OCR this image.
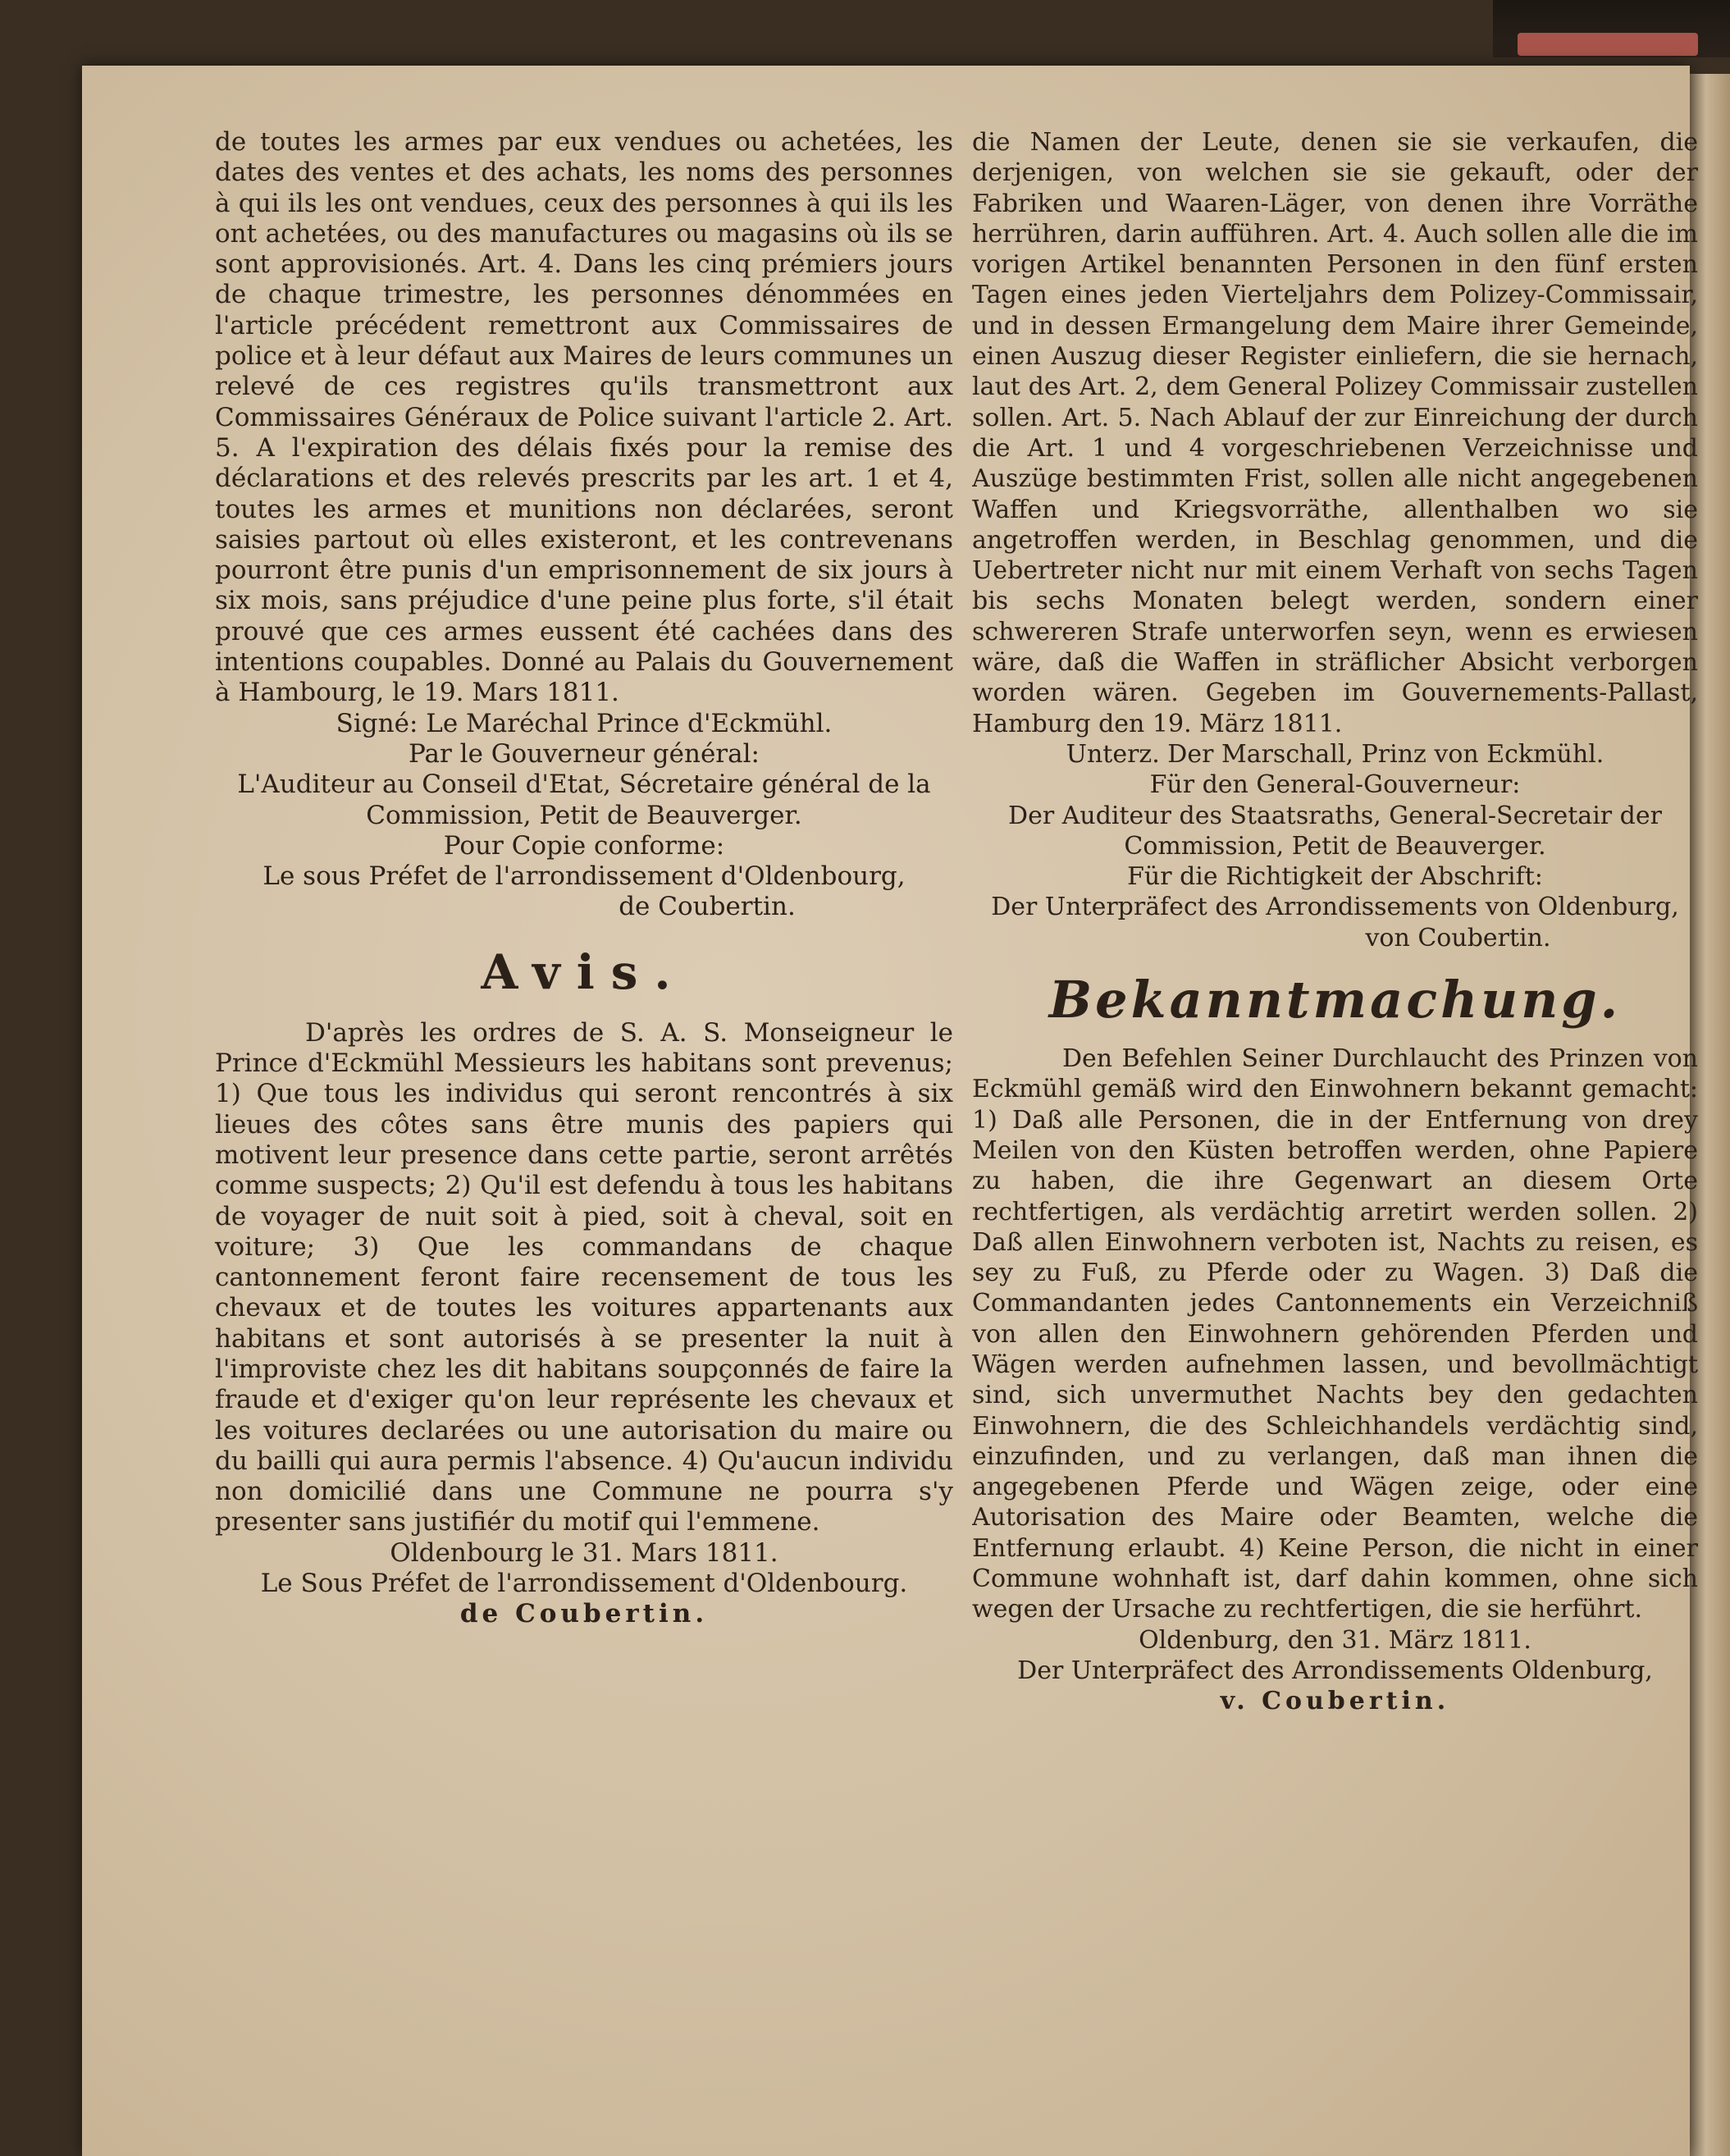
de toutes les armes par eux vendues ou achetées, les dates des ventes et des achats, les noms des personnes à qui ils les ont vendues, ceux des personnes à qui ils les ont achetées, ou des manufactures ou magasins où ils se sont approvisionés. Art. 4. Dans les cinq prémiers jours de chaque trimestre, les personnes dénommées en l'article précédent remettront aux Commissaires de police et à leur défaut aux Maires de leurs communes un relevé de ces registres qu'ils transmettront aux Commissaires Généraux de Police suivant l'article 2. Art. 5. A l'expiration des délais fixés pour la remise des déclarations et des relevés prescrits par les art. 1 et 4, toutes les armes et munitions non déclarées, seront saisies partout où elles existeront, et les contrevenans pourront être punis d'un emprisonnement de six jours à six mois, sans préjudice d'une peine plus forte, s'il était prouvé que ces armes eussent été cachées dans des intentions coupables. Donné au Palais du Gouvernement à Hambourg, le 19. Mars 1811.

Signé: Le Maréchal Prince d'Eckmühl.
Par le Gouverneur général:
L'Auditeur au Conseil d'Etat, Sécretaire général de la Commission, Petit de Beauverger.
Pour Copie conforme:
Le sous Préfet de l'arrondissement d'Oldenbourg,
de Coubertin.
Avis.

D'après les ordres de S. A. S. Monseigneur le Prince d'Eckmühl Messieurs les habitans sont prevenus; 1) Que tous les individus qui seront rencontrés à six lieues des côtes sans être munis des papiers qui motivent leur presence dans cette partie, seront arrêtés comme suspects; 2) Qu'il est defendu à tous les habitans de voyager de nuit soit à pied, soit à cheval, soit en voiture; 3) Que les commandans de chaque cantonnement feront faire recensement de tous les chevaux et de toutes les voitures appartenants aux habitans et sont autorisés à se presenter la nuit à l'improviste chez les dit habitans soupçonnés de faire la fraude et d'exiger qu'on leur représente les chevaux et les voitures declarées ou une autorisation du maire ou du bailli qui aura permis l'absence. 4) Qu'aucun individu non domicilié dans une Commune ne pourra s'y presenter sans justifiér du motif qui l'emmene.

Oldenbourg le 31. Mars 1811.
Le Sous Préfet de l'arrondissement d'Oldenbourg.
de Coubertin.

die Namen der Leute, denen sie sie verkaufen, die derjenigen, von welchen sie sie gekauft, oder der Fabriken und Waaren-Läger, von denen ihre Vorräthe herrühren, darin aufführen. Art. 4. Auch sollen alle die im vorigen Artikel benannten Personen in den fünf ersten Tagen eines jeden Vierteljahrs dem Polizey-Commissair, und in dessen Ermangelung dem Maire ihrer Gemeinde, einen Auszug dieser Register einliefern, die sie hernach, laut des Art. 2, dem General Polizey Commissair zustellen sollen. Art. 5. Nach Ablauf der zur Einreichung der durch die Art. 1 und 4 vorgeschriebenen Verzeichnisse und Auszüge bestimmten Frist, sollen alle nicht angegebenen Waffen und Kriegsvorräthe, allenthalben wo sie angetroffen werden, in Beschlag genommen, und die Uebertreter nicht nur mit einem Verhaft von sechs Tagen bis sechs Monaten belegt werden, sondern einer schwereren Strafe unterworfen seyn, wenn es erwiesen wäre, daß die Waffen in sträflicher Absicht verborgen worden wären. Gegeben im Gouvernements-Pallast, Hamburg den 19. März 1811.

Unterz. Der Marschall, Prinz von Eckmühl.
Für den General-Gouverneur:
Der Auditeur des Staatsraths, General-Secretair der Commission, Petit de Beauverger.
Für die Richtigkeit der Abschrift:
Der Unterpräfect des Arrondissements von Oldenburg,
von Coubertin.
Bekanntmachung.

Den Befehlen Seiner Durchlaucht des Prinzen von Eckmühl gemäß wird den Einwohnern bekannt gemacht: 1) Daß alle Personen, die in der Entfernung von drey Meilen von den Küsten betroffen werden, ohne Papiere zu haben, die ihre Gegenwart an diesem Orte rechtfertigen, als verdächtig arretirt werden sollen. 2) Daß allen Einwohnern verboten ist, Nachts zu reisen, es sey zu Fuß, zu Pferde oder zu Wagen. 3) Daß die Commandanten jedes Cantonnements ein Verzeichniß von allen den Einwohnern gehörenden Pferden und Wägen werden aufnehmen lassen, und bevollmächtigt sind, sich unvermuthet Nachts bey den gedachten Einwohnern, die des Schleichhandels verdächtig sind, einzufinden, und zu verlangen, daß man ihnen die angegebenen Pferde und Wägen zeige, oder eine Autorisation des Maire oder Beamten, welche die Entfernung erlaubt. 4) Keine Person, die nicht in einer Commune wohnhaft ist, darf dahin kommen, ohne sich wegen der Ursache zu rechtfertigen, die sie herführt.

Oldenburg, den 31. März 1811.
Der Unterpräfect des Arrondissements Oldenburg,
v. Coubertin.
